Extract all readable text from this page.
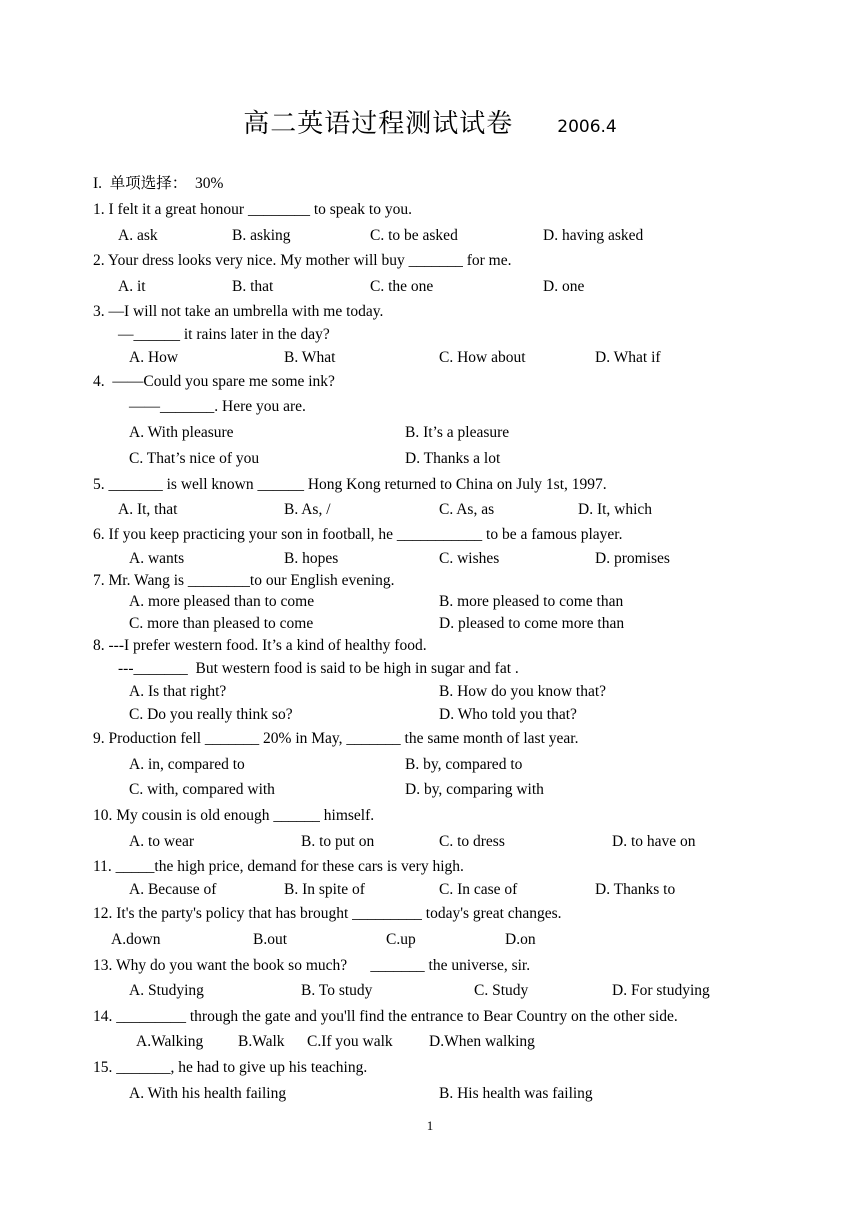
高二英语过程测试试卷	2006.4
I.  单项选择：  30%
1. I felt it a great honour ________ to speak to you.
A. ask	B. asking	C. to be asked	D. having asked
2. Your dress looks very nice. My mother will buy _______ for me.
A. it	B. that	C. the one	D. one
3. —I will not take an umbrella with me today.
—______ it rains later in the day?
A. How	B. What	C. How about	D. What if
4.  ——Could you spare me some ink?
——_______. Here you are.
A. With pleasure	B. It’s a pleasure
C. That’s nice of you	D. Thanks a lot
5. _______ is well known ______ Hong Kong returned to China on July 1st, 1997.
A. It, that	B. As, /	C. As, as	D. It, which
6. If you keep practicing your son in football, he ___________ to be a famous player.
A. wants	B. hopes	C. wishes	D. promises
7. Mr. Wang is ________to our English evening.
A. more pleased than to come	B. more pleased to come than
C. more than pleased to come	D. pleased to come more than
8. ---I prefer western food. It’s a kind of healthy food.
---_______  But western food is said to be high in sugar and fat .
A. Is that right?	B. How do you know that?
C. Do you really think so?	D. Who told you that?
9. Production fell _______ 20% in May, _______ the same month of last year.
A. in, compared to	B. by, compared to
C. with, compared with	D. by, comparing with
10. My cousin is old enough ______ himself.
A. to wear	B. to put on	C. to dress	D. to have on
11. _____the high price, demand for these cars is very high.
A. Because of	B. In spite of	C. In case of	D. Thanks to
12. It's the party's policy that has brought _________ today's great changes.
A.down	B.out	C.up	D.on
13. Why do you want the book so much?      _______ the universe, sir.
A. Studying	B. To study	C. Study	D. For studying
14. _________ through the gate and you'll find the entrance to Bear Country on the other side.
A.Walking B.Walk C.If you walk D.When walking
15. _______, he had to give up his teaching.
A. With his health failing	B. His health was failing
1
